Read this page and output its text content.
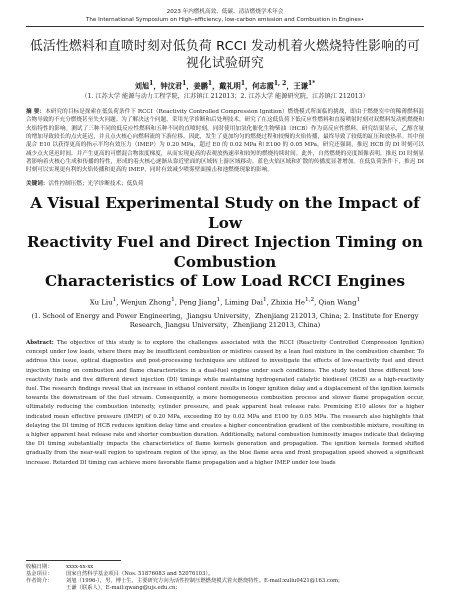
2023 年内燃机高效、低碳、清洁燃烧学术年会
The International Symposium on High–efficiency, low-carbon emission and Combustion in Engines•
低活性燃料和直喷时刻对低负荷 RCCI 发动机着火燃烧特性影响的可视化试验研究
刘旭$^1$，钟汶君$^1$，姜鹏$^1$，戴礼明$^1$，何志霞$^{1, 2}$，王谦$^{1*}$
（1. 江苏大学 能源与动力工程学院，江苏镇江 212013；2. 江苏大学 能源研究院，江苏镇江 212013）
摘 要：本研究的目标是探索在低负荷条件下 RCCI（Reactivity Controlled Compression Ignition）燃烧模式所面临的挑战，即由于燃烧室中的稀薄燃料混合物导致的不充分燃烧甚至失火问题。为了解决这个问题，采用光学诊断和后处理技术，研究了在这低负荷下低反应性燃料和直接喷射时刻对双燃料发动机燃烧和火焰特性的影响。测试了三种不同的低反应性燃料和五种不同的直喷时刻，同时使用加氢化催化生物柴油（HCB）作为高反应性燃料。研究结果显示，乙醇含量的增加导致较长的点火延迟，并且点火核心向燃料流的下游位移。因此，发生了更加均匀的燃烧过程和较慢的火焰传播，最终导致了较低的缸压和放热率。其中预混合 E10 以获得更高的指示平均有效压力（IMEP）为 0.20 MPa，超过 E0 的 0.02 MPa 和 E100 的 0.05 MPa。研究还强调，推迟 HCB 的 DI 时刻可以减少点火延迟时间，并产生更高的可燃混合物浓度梯度，从而实现更高的表观放热速率和较短的燃烧持续时间。此外，自然燃烧的亮度图像表明，推迟 DI 时刻显著影响着火核心生成和传播的特性，形成的着火核心逐渐从靠近壁面的区域转上游区域移动。蓝色火焰区域和扩散的传播度显著增加。在低负荷条件下，推迟 DI 时刻可以实现更有利的火焰传播和更高的 IMEP，同时有效减少喷雾壁面撞击和池燃烧现象的影响。
关键词：活性控制压燃；光学诊断技术；低负荷
A Visual Experimental Study on the Impact of Low
Reactivity Fuel and Direct Injection Timing on Combustion
Characteristics of Low Load RCCI Engines
Xu Liu$^1$, Wenjun Zhong$^1$, Peng Jiang$^1$, Liming Dai$^1$, Zhixia He$^{1,2}$, Qian Wang$^1$
(1. School of Energy and Power Engineering，Jiangsu University，Zhenjiang 212013, China; 2. Institute for Energy
Research, Jiangsu University，Zhenjiang 212013, China)
Abstract: The objective of this study is to explore the challenges associated with the RCCI (Reactivity Controlled Compression Ignition) concept under low loads, where there may be insufficient combustion or misfires caused by a lean fuel mixture in the combustion chamber. To address this issue, optical diagnostics and post-processing techniques are utilized to investigate the effects of low-reactivity fuel and direct injection timing on combustion and flame characteristics in a dual-fuel engine under such conditions. The study tested three different low-reactivity fuels and five different direct injection (DI) timings while maintaining hydrogenated catalytic biodiesel (HCB) as a high-reactivity fuel. The research findings reveal that an increase in ethanol content results in longer ignition delay and a displacement of the ignition kernels towards the downstream of the fuel stream. Consequently, a more homogeneous combustion process and slower flame propagation occur, ultimately reducing the combustion intensity, cylinder pressure, and peak apparent heat release rate. Premixing E10 allows for a higher indicated mean effective pressure (IMEP) of 0.20 MPa, exceeding E0 by 0.02 MPa and E100 by 0.05 MPa. The research also highlights that delaying the DI timing of HCB reduces ignition delay time and creates a higher concentration gradient of the combustible mixture, resulting in a higher apparent heat release rate and shorter combustion duration. Additionally, natural combustion luminosity images indicate that delaying the DI timing substantially impacts the characteristics of flame kernels generation and propagation. The ignition kernels formed shifted gradually from the near-wall region to upstream region of the spray, as the blue flame area and front propagation speed showed a significant increase. Retarded DI timing can achieve more favorable flame propagation and a higher IMEP under low loads
收稿日期：	xxxx-xx-xx
基金项目：	国家自然科学基金项目（Nos. 51876083 and 52076103）。
作者简介：	刘旭（1996-），男，博士生，主要研究方向为活性控制压燃燃烧模式着火燃烧特性。E-mail:xuliu0421@163.com;
王谦（联系人），E-mail:qwang@ujs.edu.cn;
